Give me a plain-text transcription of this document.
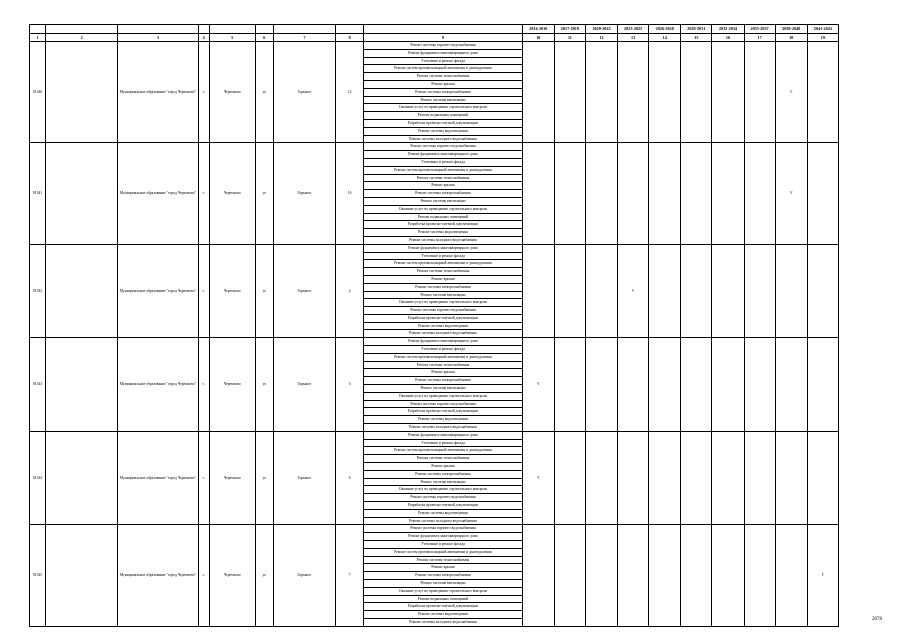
									2014-2016	2017-2019	2020-2022	2023-2025	2026-2028	2029-2031	2032-2034	2035-2037	2038-2040	2041-2043
1	2	3	4	5	6	7	8	9	10	11	12	13	14	15	16	17	18	19
81340		Муниципальное образование "город Черемхово"	г.	Черемхово	ул	Горького	14	Ремонт системы горячего водоснабжения									V	
								Ремонт фундамента многоквартирного дома										
								Утепление и ремонт фасада										
								Ремонт систем противопожарной автоматики и дымоудаления										
								Ремонт системы теплоснабжения										
								Ремонт крыши										
								Ремонт системы электроснабжения										
								Ремонт системы вентиляции										
								Оказание услуг по проведению строительного контроля										
								Ремонт подвальных помещений										
								Разработка проектно-сметной документации										
								Ремонт системы водоотведения										
								Ремонт системы холодного водоснабжения										
81341		Муниципальное образование "город Черемхово"	г.	Черемхово	ул	Горького	16	Ремонт системы горячего водоснабжения									V	
								Ремонт фундамента многоквартирного дома										
								Утепление и ремонт фасада										
								Ремонт систем противопожарной автоматики и дымоудаления										
								Ремонт системы теплоснабжения										
								Ремонт крыши										
								Ремонт системы электроснабжения										
								Ремонт системы вентиляции										
								Оказание услуг по проведению строительного контроля										
								Ремонт подвальных помещений										
								Разработка проектно-сметной документации										
								Ремонт системы водоотведения										
								Ремонт системы холодного водоснабжения										
81342		Муниципальное образование "город Черемхово"	г.	Черемхово	ул	Горького	2	Ремонт фундамента многоквартирного дома				V						
								Утепление и ремонт фасада										
								Ремонт систем противопожарной автоматики и дымоудаления										
								Ремонт системы теплоснабжения										
								Ремонт крыши										
								Ремонт системы электроснабжения										
								Ремонт системы вентиляции										
								Оказание услуг по проведению строительного контроля										
								Ремонт системы горячего водоснабжения										
								Разработка проектно-сметной документации										
								Ремонт системы водоотведения										
								Ремонт системы холодного водоснабжения										
81343		Муниципальное образование "город Черемхово"	г.	Черемхово	ул	Горького	3	Ремонт фундамента многоквартирного дома	V									
								Утепление и ремонт фасада										
								Ремонт систем противопожарной автоматики и дымоудаления										
								Ремонт системы теплоснабжения										
								Ремонт крыши										
								Ремонт системы электроснабжения										
								Ремонт системы вентиляции										
								Оказание услуг по проведению строительного контроля										
								Ремонт системы горячего водоснабжения										
								Разработка проектно-сметной документации										
								Ремонт системы водоотведения										
								Ремонт системы холодного водоснабжения										
81344		Муниципальное образование "город Черемхово"	г.	Черемхово	ул	Горького	6	Ремонт фундамента многоквартирного дома	V									
								Утепление и ремонт фасада										
								Ремонт систем противопожарной автоматики и дымоудаления										
								Ремонт системы теплоснабжения										
								Ремонт крыши										
								Ремонт системы электроснабжения										
								Ремонт системы вентиляции										
								Оказание услуг по проведению строительного контроля										
								Ремонт системы горячего водоснабжения										
								Разработка проектно-сметной документации										
								Ремонт системы водоотведения										
								Ремонт системы холодного водоснабжения										
81345		Муниципальное образование "город Черемхово"	г.	Черемхово	ул	Горького	7	Ремонт системы горячего водоснабжения										V
								Ремонт фундамента многоквартирного дома										
								Утепление и ремонт фасада										
								Ремонт систем противопожарной автоматики и дымоудаления										
								Ремонт системы теплоснабжения										
								Ремонт крыши										
								Ремонт системы электроснабжения										
								Ремонт системы вентиляции										
								Оказание услуг по проведению строительного контроля										
								Ремонт подвальных помещений										
								Разработка проектно-сметной документации										
								Ремонт системы водоотведения										
								Ремонт системы холодного водоснабжения											2078
